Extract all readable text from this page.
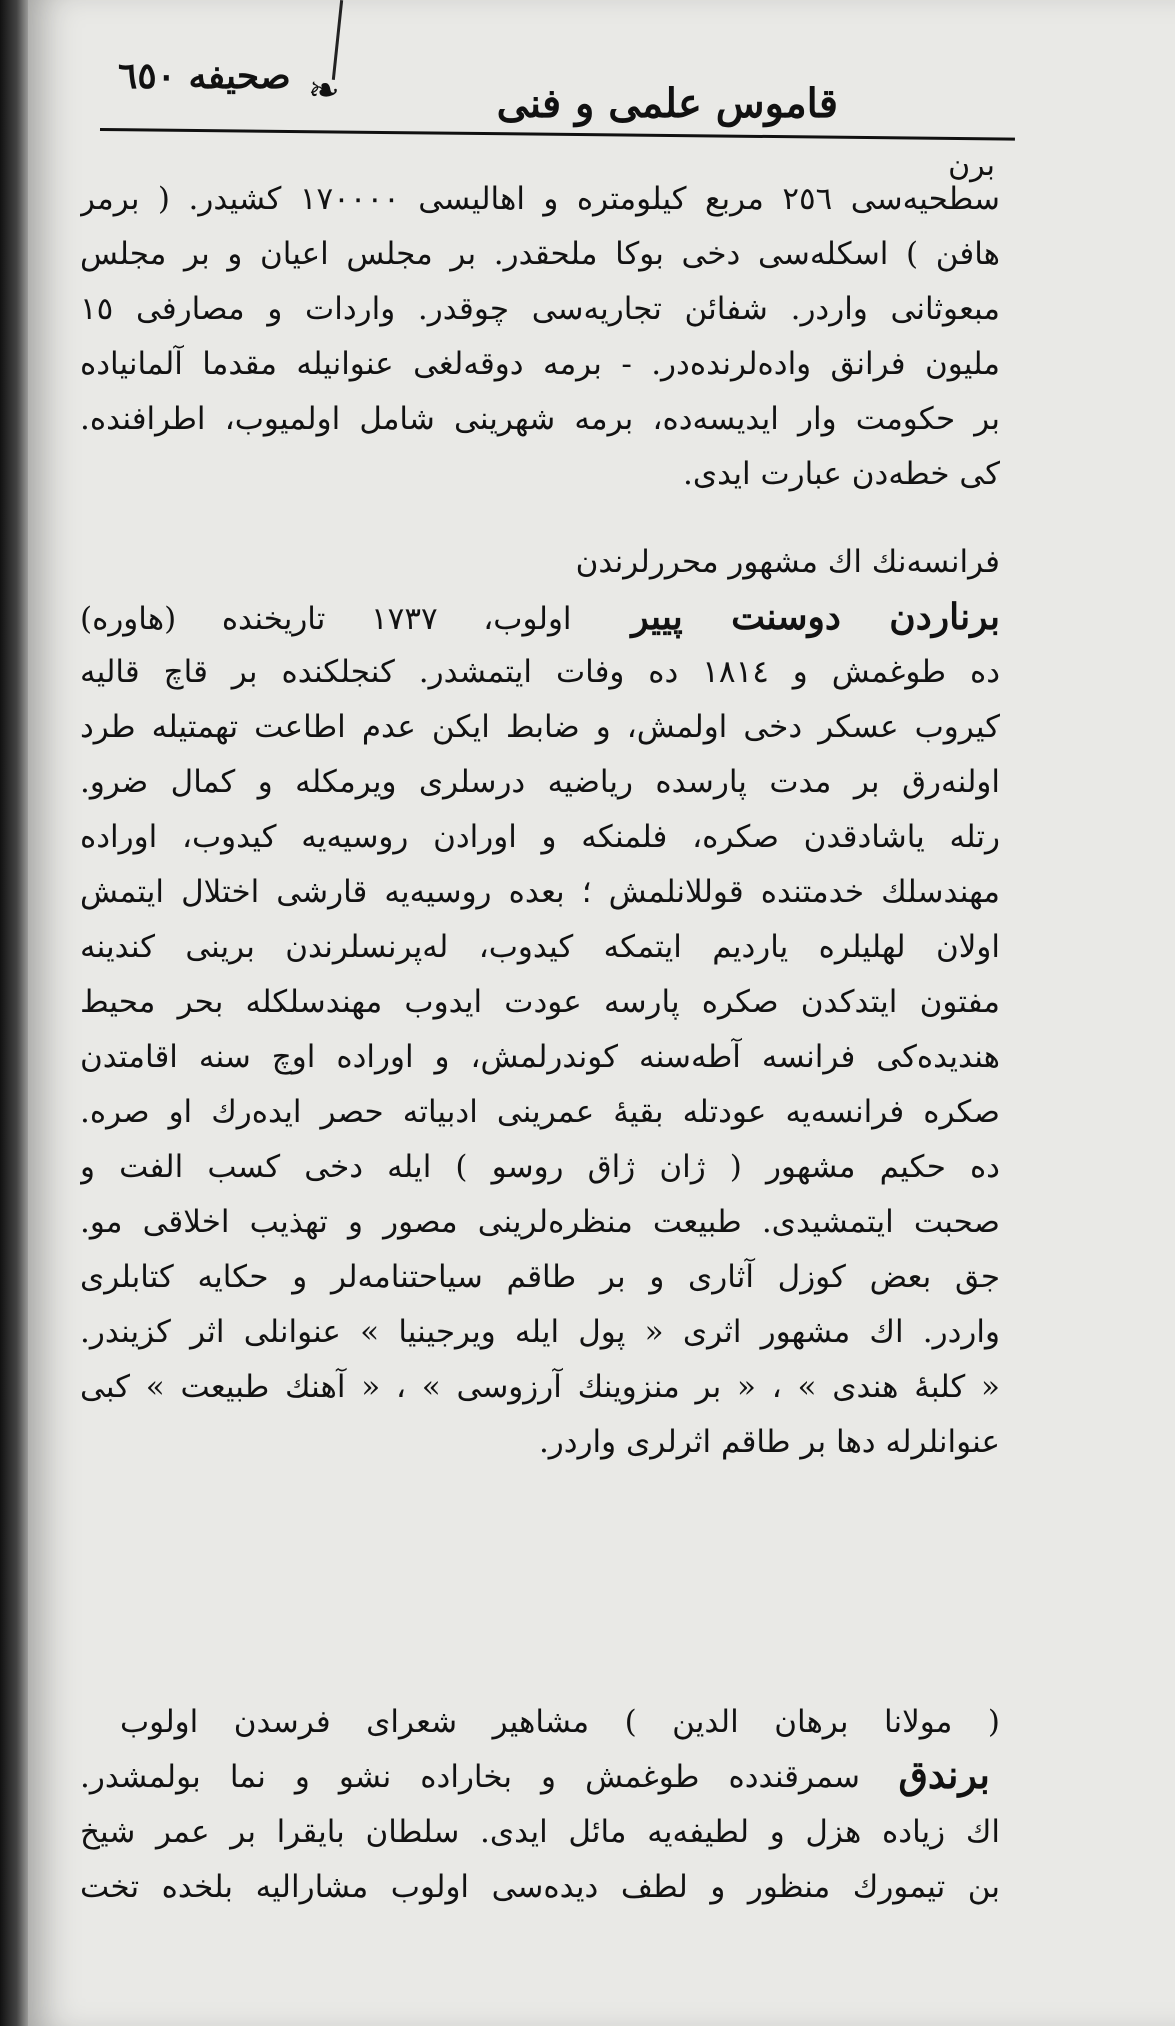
قاموس علمی و فنی
❧
صحیفه ٦٥٠
برن
سطحیەسی ٢٥٦ مربع کیلومترە و اهالیسی ١٧٠٠٠٠ کشیدر. ( برمر
هافن ) اسکلەسی دخی بوکا ملحقدر. بر مجلس اعیان و بر مجلس
مبعوثانی واردر. شفائن تجاریەسی چوقدر. واردات و مصارفی ١٥
ملیون فرانق وادەلرندەدر. - برمه دوقەلغی عنوانیله مقدما آلمانیادە
بر حکومت وار ایدیسەدە، برمه شهرینی شامل اولمیوب، اطرافندە.
کی خطەدن عبارت ایدی.
فرانسەنك اك مشهور محررلرندن
برناردن دوسنت پییر اولوب، ١٧٣٧ تاریخندە (هاورە)
دە طوغمش و ١٨١٤ دە وفات ایتمشدر. کنجلکندە بر قاچ قالیه
کیروب عسکر دخی اولمش، و ضابط ایکن عدم اطاعت تهمتیله طرد
اولنەرق بر مدت پارسدە ریاضیه درسلری ویرمکله و کمال ضرو.
رتله یاشادقدن صکرە، فلمنکه و اورادن روسیەیه کیدوب، اورادە
مهندسلك خدمتندە قوللانلمش ؛ بعدە روسیەیه قارشی اختلال ایتمش
اولان لهلیلرە یاردیم ایتمکه کیدوب، لەپرنسلرندن برینی کندینه
مفتون ایتدکدن صکرە پارسه عودت ایدوب مهندسلکله بحر محیط
هندیدەکی فرانسه آطەسنه کوندرلمش، و اورادە اوچ سنه اقامتدن
صکرە فرانسەیه عودتله بقیهٔ عمرینی ادبیاته حصر ایدەرك او صرە.
دە حکیم مشهور ( ژان ژاق روسو ) ایله دخی کسب الفت و
صحبت ایتمشیدی. طبیعت منظرەلرینی مصور و تهذیب اخلاقی مو.
جق بعض کوزل آثاری و بر طاقم سیاحتنامەلر و حکایه کتابلری
واردر. اك مشهور اثری « پول ایله ویرجینیا » عنوانلی اثر کزیندر.
« کلبهٔ هندی » ، « بر منزوینك آرزوسی » ، « آهنك طبیعت » کبی
عنوانلرله دها بر طاقم اثرلری واردر.
( مولانا برهان الدین ) مشاهیر شعرای فرسدن اولوب
سمرقندده طوغمش و بخارادە نشو و نما بولمشدر.
اك زیادە هزل و لطیفەیه مائل ایدی. سلطان بایقرا بر عمر شیخ
بن تیمورك منظور و لطف دیدەسی اولوب مشارالیه بلخدە تخت
برندق
